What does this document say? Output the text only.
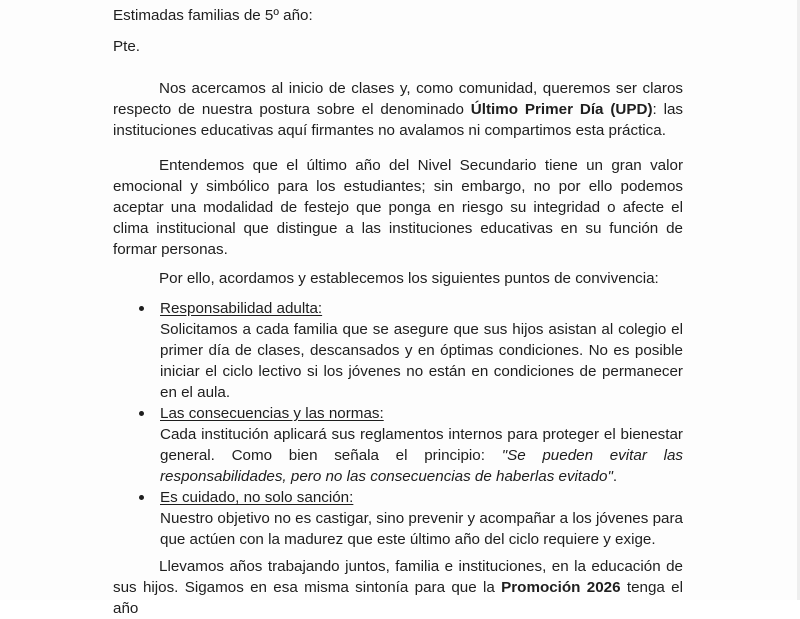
Estimadas familias de 5º año:
Pte.
Nos acercamos al inicio de clases y, como comunidad, queremos ser claros respecto de nuestra postura sobre el denominado Último Primer Día (UPD): las instituciones educativas aquí firmantes no avalamos ni compartimos esta práctica.
Entendemos que el último año del Nivel Secundario tiene un gran valor emocional y simbólico para los estudiantes; sin embargo, no por ello podemos aceptar una modalidad de festejo que ponga en riesgo su integridad o afecte el clima institucional que distingue a las instituciones educativas en su función de formar personas.
Por ello, acordamos y establecemos los siguientes puntos de convivencia:
Responsabilidad adulta:
Solicitamos a cada familia que se asegure que sus hijos asistan al colegio el primer día de clases, descansados y en óptimas condiciones. No es posible iniciar el ciclo lectivo si los jóvenes no están en condiciones de permanecer en el aula.
Las consecuencias y las normas:
Cada institución aplicará sus reglamentos internos para proteger el bienestar general. Como bien señala el principio: "Se pueden evitar las responsabilidades, pero no las consecuencias de haberlas evitado".
Es cuidado, no solo sanción:
Nuestro objetivo no es castigar, sino prevenir y acompañar a los jóvenes para que actúen con la madurez que este último año del ciclo requiere y exige.
Llevamos años trabajando juntos, familia e instituciones, en la educación de sus hijos. Sigamos en esa misma sintonía para que la Promoción 2026 tenga el año
